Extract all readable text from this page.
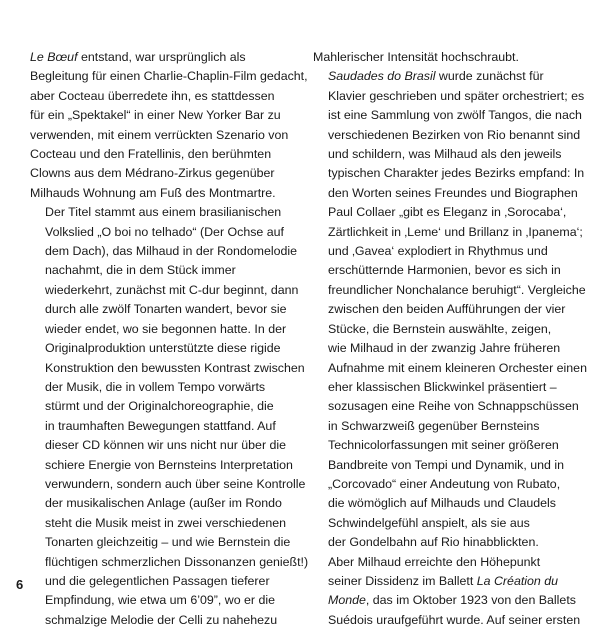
Le Bœuf entstand, war ursprünglich als
Begleitung für einen Charlie-Chaplin-Film gedacht,
aber Cocteau überredete ihn, es stattdessen
für ein „Spektakel“ in einer New Yorker Bar zu
verwenden, mit einem verrückten Szenario von
Cocteau und den Fratellinis, den berühmten
Clowns aus dem Médrano-Zirkus gegenüber
Milhauds Wohnung am Fuß des Montmartre.

Der Titel stammt aus einem brasilianischen
Volkslied „O boi no telhado“ (Der Ochse auf
dem Dach), das Milhaud in der Rondomelodie
nachahmt, die in dem Stück immer
wiederkehrt, zunächst mit C-dur beginnt, dann
durch alle zwölf Tonarten wandert, bevor sie
wieder endet, wo sie begonnen hatte. In der
Originalproduktion unterstützte diese rigide
Konstruktion den bewussten Kontrast zwischen
der Musik, die in vollem Tempo vorwärts
stürmt und der Originalchoreographie, die
in traumhaften Bewegungen stattfand. Auf
dieser CD können wir uns nicht nur über die
schiere Energie von Bernsteins Interpretation
verwundern, sondern auch über seine Kontrolle
der musikalischen Anlage (außer im Rondo
steht die Musik meist in zwei verschiedenen
Tonarten gleichzeitig – und wie Bernstein die
flüchtigen schmerzlichen Dissonanzen genießt!)
und die gelegentlichen Passagen tieferer
Empfindung, wie etwa um 6’09”, wo er die
schmalzige Melodie der Celli zu nahehezu

Mahlerischer Intensität hochschraubt.

Saudades do Brasil wurde zunächst für
Klavier geschrieben und später orchestriert; es
ist eine Sammlung von zwölf Tangos, die nach
verschiedenen Bezirken von Rio benannt sind
und schildern, was Milhaud als den jeweils
typischen Charakter jedes Bezirks empfand: In
den Worten seines Freundes und Biographen
Paul Collaer „gibt es Eleganz in ‚Sorocaba‘,
Zärtlichkeit in ‚Leme‘ und Brillanz in ‚Ipanema‘;
und ‚Gavea‘ explodiert in Rhythmus und
erschütternde Harmonien, bevor es sich in
freundlicher Nonchalance beruhigt“. Vergleiche
zwischen den beiden Aufführungen der vier
Stücke, die Bernstein auswählte, zeigen,
wie Milhaud in der zwanzig Jahre früheren
Aufnahme mit einem kleineren Orchester einen
eher klassischen Blickwinkel präsentiert –
sozusagen eine Reihe von Schnappschüssen
in Schwarzweiß gegenüber Bernsteins
Technicolorfassungen mit seiner größeren
Bandbreite von Tempi und Dynamik, und in
„Corcovado“ einer Andeutung von Rubato,
die wömöglich auf Milhauds und Claudels
Schwindelgefühl anspielt, als sie aus
der Gondelbahn auf Rio hinabblickten.

Aber Milhaud erreichte den Höhepunkt
seiner Dissidenz im Ballett La Création du
Monde, das im Oktober 1923 von den Ballets
Suédois uraufgeführt wurde. Auf seiner ersten

6
